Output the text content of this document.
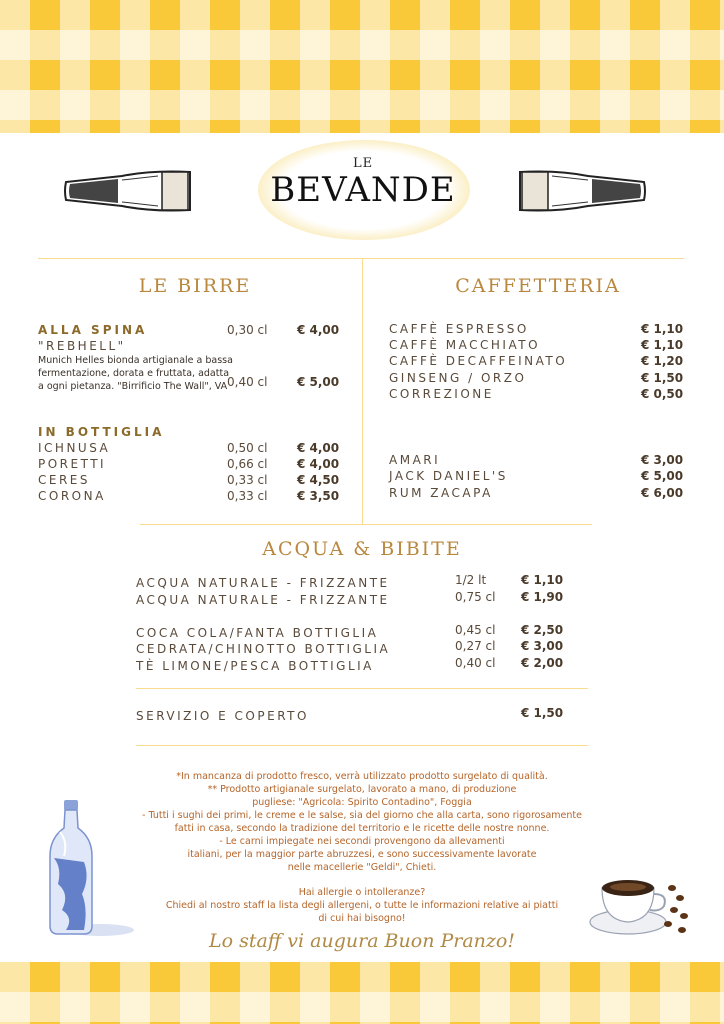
LE
BEVANDE
LE BIRRE
ALLA SPINA
"REBHELL"
Munich Helles bionda artigianale a bassa fermentazione, dorata e fruttata, adatta a ogni pietanza. "Birrificio The Wall", VA
0,30 cl € 4,00
0,40 cl € 5,00
IN BOTTIGLIA
ICHNUSA	0,50 cl € 4,00
PORETTI	0,66 cl € 4,00
CERES	0,33 cl € 4,50
CORONA	0,33 cl € 3,50
CAFFETTERIA
CAFFÈ ESPRESSO	€ 1,10
CAFFÈ MACCHIATO	€ 1,10
CAFFÈ DECAFFEINATO	€ 1,20
GINSENG / ORZO	€ 1,50
CORREZIONE	€ 0,50
AMARI	€ 3,00
JACK DANIEL'S	€ 5,00
RUM ZACAPA	€ 6,00
ACQUA & BIBITE
ACQUA NATURALE - FRIZZANTE	1/2 lt	€ 1,10
ACQUA NATURALE - FRIZZANTE	0,75 cl € 1,90
COCA COLA/FANTA BOTTIGLIA	0,45 cl € 2,50
CEDRATA/CHINOTTO BOTTIGLIA	0,27 cl € 3,00
TÈ LIMONE/PESCA BOTTIGLIA	0,40 cl € 2,00
SERVIZIO E COPERTO	€ 1,50
*In mancanza di prodotto fresco, verrà utilizzato prodotto surgelato di qualità.
** Prodotto artigianale surgelato, lavorato a mano, di produzione
pugliese: "Agricola: Spirito Contadino", Foggia
- Tutti i sughi dei primi, le creme e le salse, sia del giorno che alla carta, sono rigorosamente
fatti in casa, secondo la tradizione del territorio e le ricette delle nostre nonne.
- Le carni impiegate nei secondi provengono da allevamenti
italiani, per la maggior parte abruzzesi, e sono successivamente lavorate
nelle macellerie "Geldi", Chieti.
Hai allergie o intolleranze?
Chiedi al nostro staff la lista degli allergeni, o tutte le informazioni relative ai piatti
di cui hai bisogno!
Lo staff vi augura Buon Pranzo!
